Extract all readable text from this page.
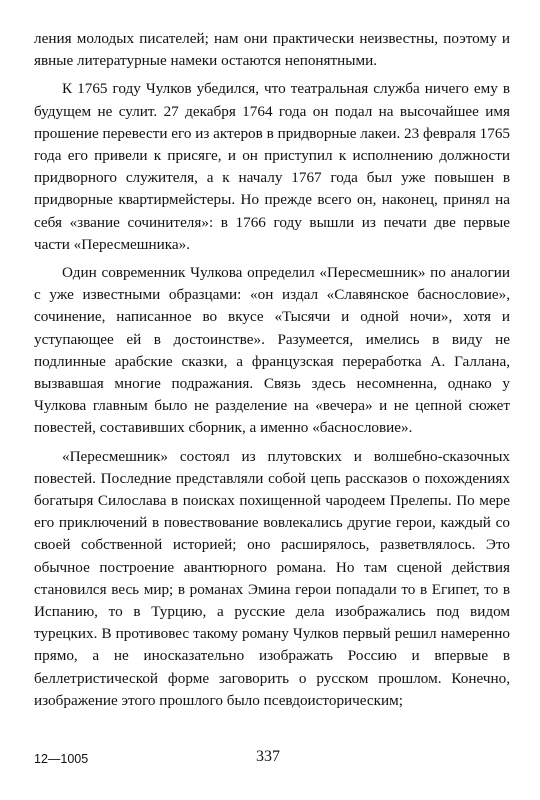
ления молодых писателей; нам они практически неизвестны, поэтому и явные литературные намеки остаются непонятными.

К 1765 году Чулков убедился, что театральная служба ничего ему в будущем не сулит. 27 декабря 1764 года он подал на высочайшее имя прошение перевести его из актеров в придворные лакеи. 23 февраля 1765 года его привели к присяге, и он приступил к исполнению должности придворного служителя, а к началу 1767 года был уже повышен в придворные квартирмейстеры. Но прежде всего он, наконец, принял на себя «звание сочинителя»: в 1766 году вышли из печати две первые части «Пересмешника».

Один современник Чулкова определил «Пересмешник» по аналогии с уже известными образцами: «он издал «Славянское баснословие», сочинение, написанное во вкусе «Тысячи и одной ночи», хотя и уступающее ей в достоинстве». Разумеется, имелись в виду не подлинные арабские сказки, а французская переработка А. Галлана, вызвавшая многие подражания. Связь здесь несомненна, однако у Чулкова главным было не разделение на «вечера» и не цепной сюжет повестей, составивших сборник, а именно «баснословие».

«Пересмешник» состоял из плутовских и волшебно-сказочных повестей. Последние представляли собой цепь рассказов о похождениях богатыря Силослава в поисках похищенной чародеем Прелепы. По мере его приключений в повествование вовлекались другие герои, каждый со своей собственной историей; оно расширялось, разветвлялось. Это обычное построение авантюрного романа. Но там сценой действия становился весь мир; в романах Эмина герои попадали то в Египет, то в Испанию, то в Турцию, а русские дела изображались под видом турецких. В противовес такому роману Чулков первый решил намеренно прямо, а не иносказательно изображать Россию и впервые в беллетристической форме заговорить о русском прошлом. Конечно, изображение этого прошлого было псевдоисторическим;

12—1005	337
